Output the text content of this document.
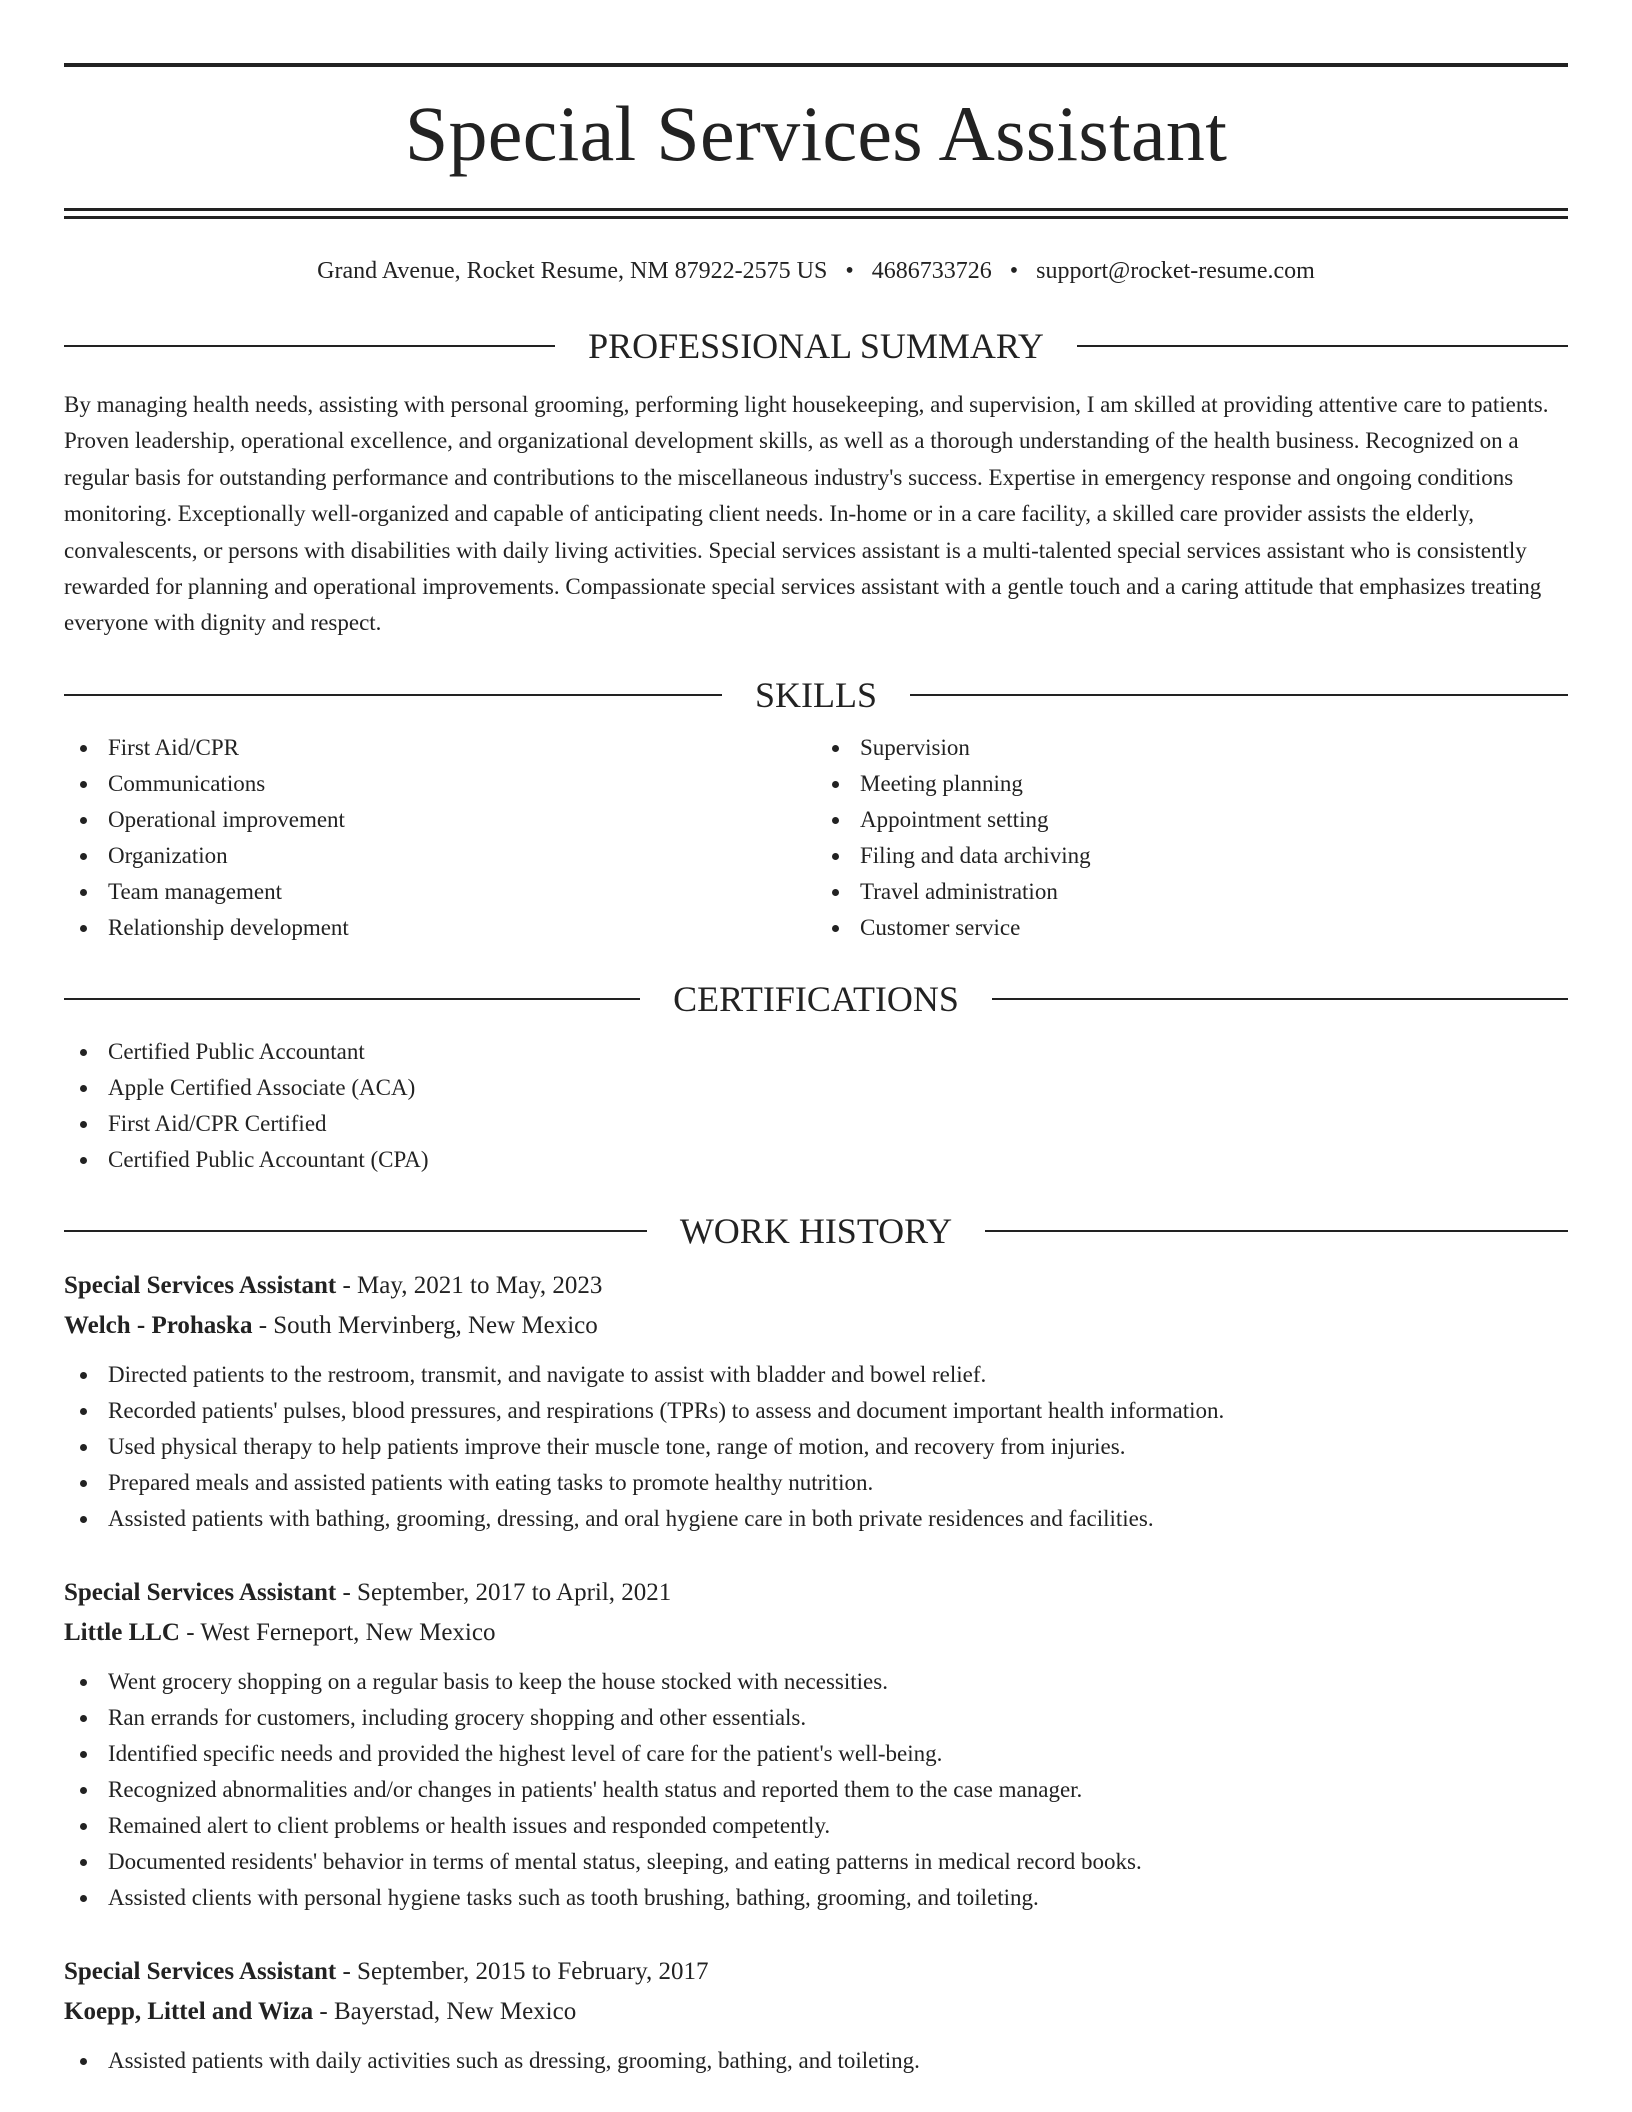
Special Services Assistant
Grand Avenue, Rocket Resume, NM 87922-2575 US • 4686733726 • support@rocket-resume.com
PROFESSIONAL SUMMARY

By managing health needs, assisting with personal grooming, performing light housekeeping, and supervision, I am skilled at providing attentive care to patients. Proven leadership, operational excellence, and organizational development skills, as well as a thorough understanding of the health business. Recognized on a regular basis for outstanding performance and contributions to the miscellaneous industry's success. Expertise in emergency response and ongoing conditions monitoring. Exceptionally well-organized and capable of anticipating client needs. In-home or in a care facility, a skilled care provider assists the elderly, convalescents, or persons with disabilities with daily living activities. Special services assistant is a multi-talented special services assistant who is consistently rewarded for planning and operational improvements. Compassionate special services assistant with a gentle touch and a caring attitude that emphasizes treating everyone with dignity and respect.

SKILLS
First Aid/CPR
Communications
Operational improvement
Organization
Team management
Relationship development
Supervision
Meeting planning
Appointment setting
Filing and data archiving
Travel administration
Customer service
CERTIFICATIONS
Certified Public Accountant
Apple Certified Associate (ACA)
First Aid/CPR Certified
Certified Public Accountant (CPA)
WORK HISTORY
Special Services Assistant - May, 2021 to May, 2023
Welch - Prohaska - South Mervinberg, New Mexico
Directed patients to the restroom, transmit, and navigate to assist with bladder and bowel relief.
Recorded patients' pulses, blood pressures, and respirations (TPRs) to assess and document important health information.
Used physical therapy to help patients improve their muscle tone, range of motion, and recovery from injuries.
Prepared meals and assisted patients with eating tasks to promote healthy nutrition.
Assisted patients with bathing, grooming, dressing, and oral hygiene care in both private residences and facilities.
Special Services Assistant - September, 2017 to April, 2021
Little LLC - West Ferneport, New Mexico
Went grocery shopping on a regular basis to keep the house stocked with necessities.
Ran errands for customers, including grocery shopping and other essentials.
Identified specific needs and provided the highest level of care for the patient's well-being.
Recognized abnormalities and/or changes in patients' health status and reported them to the case manager.
Remained alert to client problems or health issues and responded competently.
Documented residents' behavior in terms of mental status, sleeping, and eating patterns in medical record books.
Assisted clients with personal hygiene tasks such as tooth brushing, bathing, grooming, and toileting.
Special Services Assistant - September, 2015 to February, 2017
Koepp, Littel and Wiza - Bayerstad, New Mexico
Assisted patients with daily activities such as dressing, grooming, bathing, and toileting.
